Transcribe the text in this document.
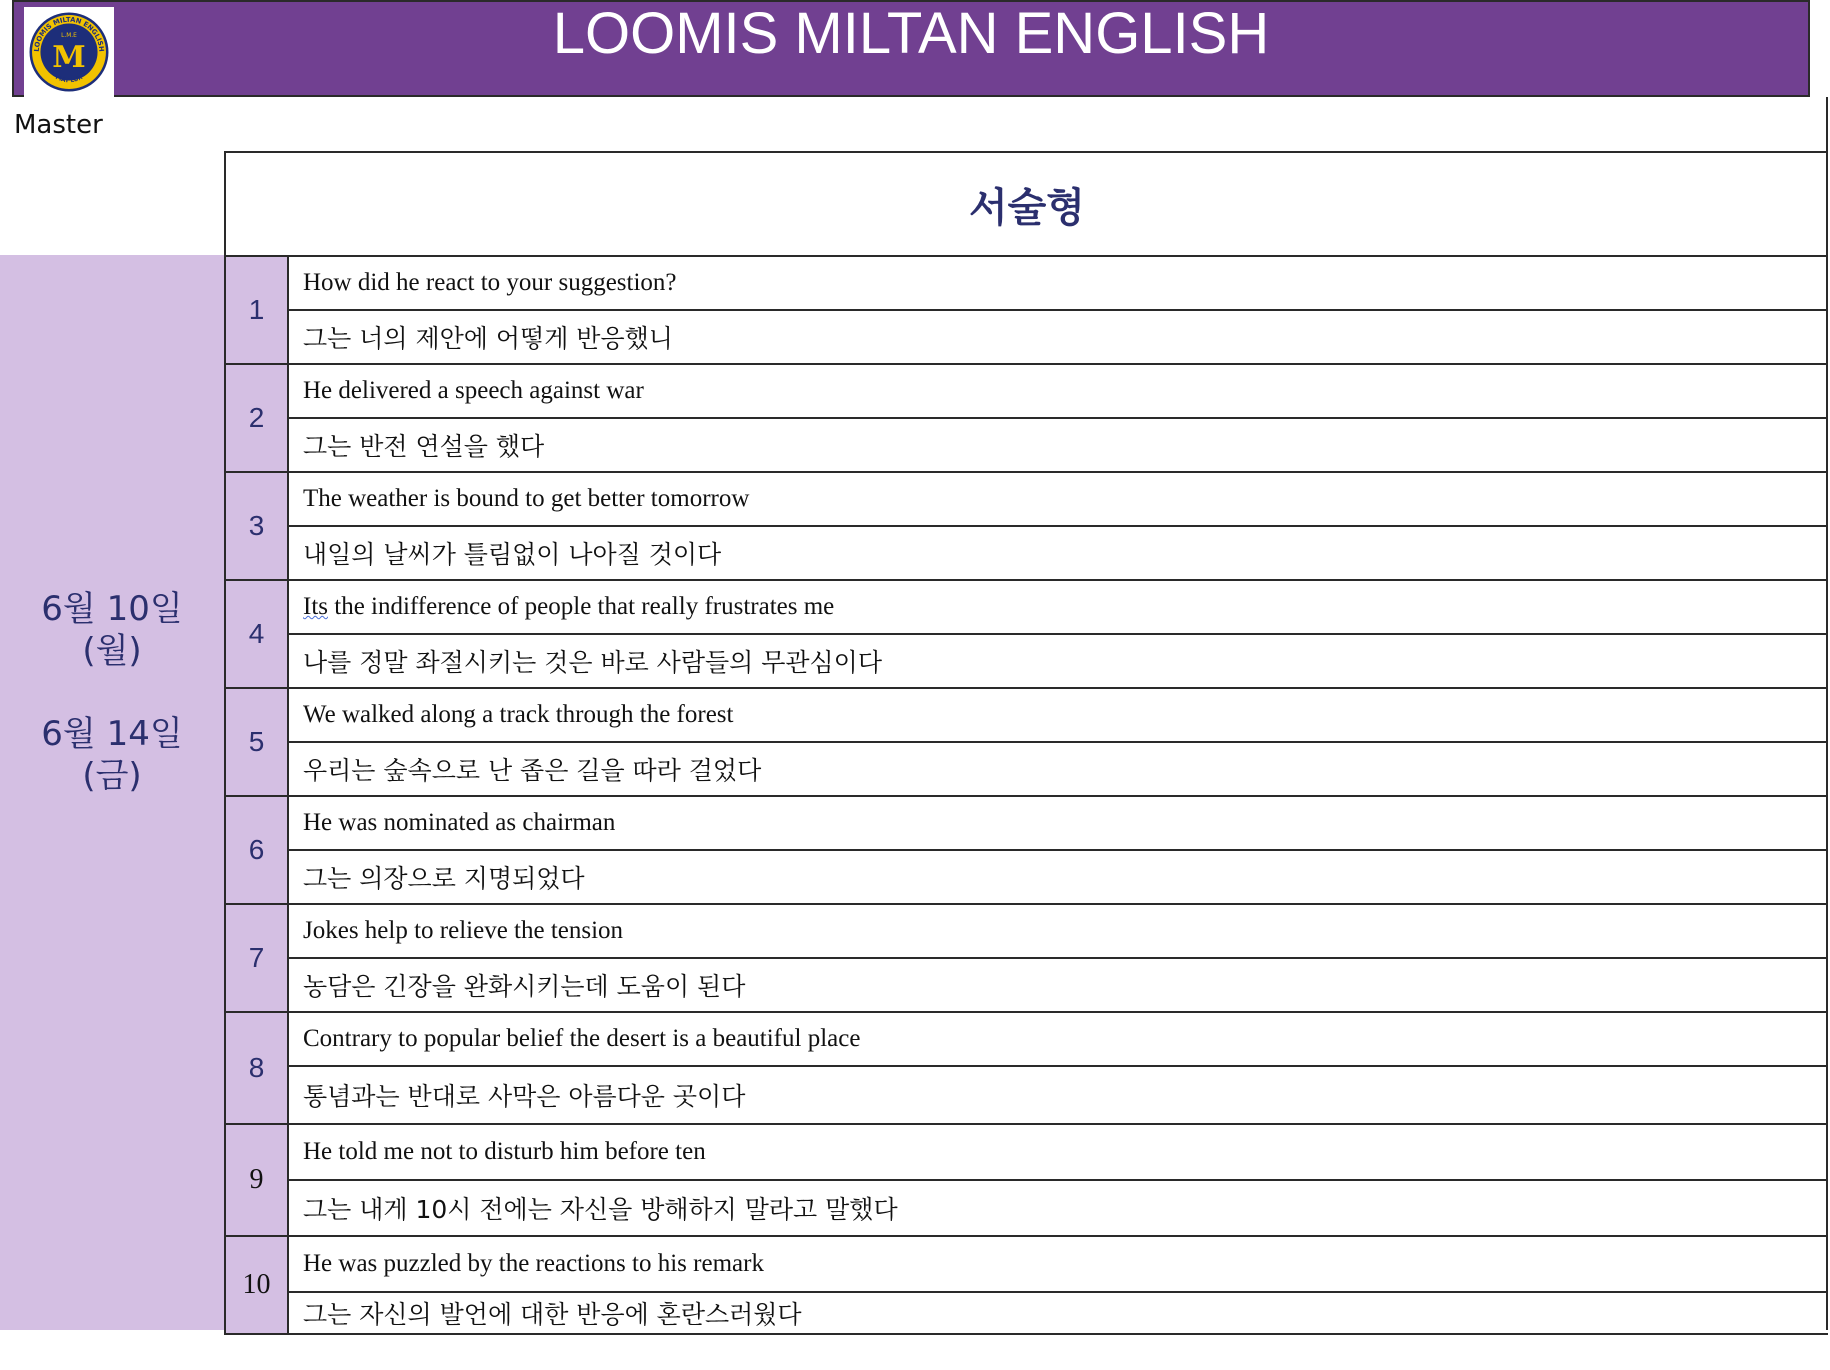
LOOMIS MILTAN ENGLISH
FIAT LUX
L.M.E
M	LOOMIS MILTAN ENGLISH
Master
서술형
6월 10일
(월)
6월 14일
(금)
1
How did he react to your suggestion?
그는 너의 제안에 어떻게 반응했니
2
He delivered a speech against war
그는 반전 연설을 했다
3
The weather is bound to get better tomorrow
내일의 날씨가 틀림없이 나아질 것이다
4
Its the indifference of people that really frustrates me
나를 정말 좌절시키는 것은 바로 사람들의 무관심이다
5
We walked along a track through the forest
우리는 숲속으로 난 좁은 길을 따라 걸었다
6
He was nominated as chairman
그는 의장으로 지명되었다
7
Jokes help to relieve the tension
농담은 긴장을 완화시키는데 도움이 된다
8
Contrary to popular belief the desert is a beautiful place
통념과는 반대로 사막은 아름다운 곳이다
9
He told me not to disturb him before ten
그는 내게 10시 전에는 자신을 방해하지 말라고 말했다
10
He was puzzled by the reactions to his remark
그는 자신의 발언에 대한 반응에 혼란스러웠다
